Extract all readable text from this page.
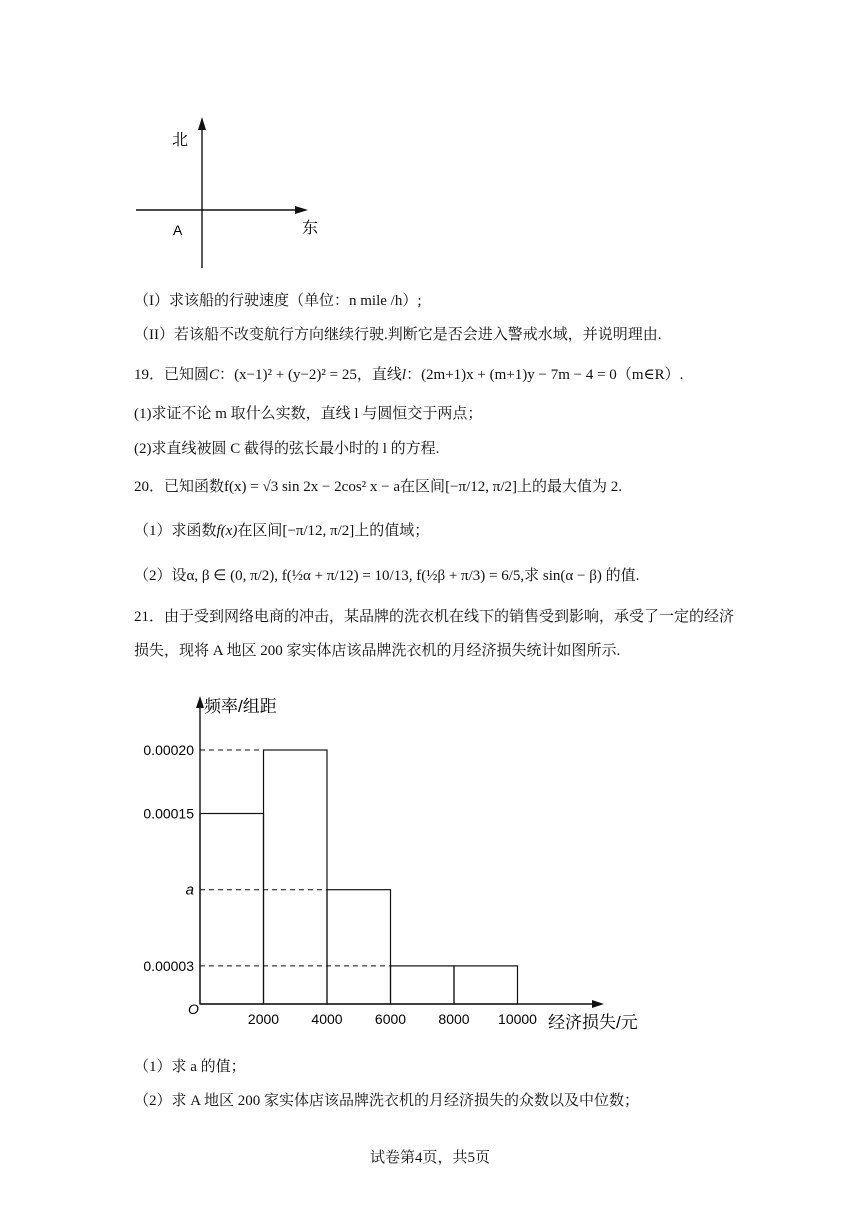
北
东
A
（I）求该船的行驶速度（单位：n mile /h）;
（II）若该船不改变航行方向继续行驶.判断它是否会进入警戒水域，并说明理由.
19．已知圆C：(x−1)² + (y−2)² = 25，直线l：(2m+1)x + (m+1)y − 7m − 4 = 0（m∈R）.
(1)求证不论 m 取什么实数，直线 l 与圆恒交于两点；
(2)求直线被圆 C 截得的弦长最小时的 l 的方程.
20．已知函数f(x) = √3 sin 2x − 2cos² x − a在区间[−π/12, π/2]上的最大值为 2.
（1）求函数f(x)在区间[−π/12, π/2]上的值域；
（2）设α, β ∈ (0, π/2), f(½α + π/12) = 10/13, f(½β + π/3) = 6/5,求 sin(α − β) 的值.
21．由于受到网络电商的冲击，某品牌的洗衣机在线下的销售受到影响，承受了一定的经济
损失，现将 A 地区 200 家实体店该品牌洗衣机的月经济损失统计如图所示.
0.00020
0.00015
a
0.00003
2000 4000 6000 8000 10000
O
频率/组距
经济损失/元
（1）求 a 的值；
（2）求 A 地区 200 家实体店该品牌洗衣机的月经济损失的众数以及中位数；
试卷第4页，共5页
